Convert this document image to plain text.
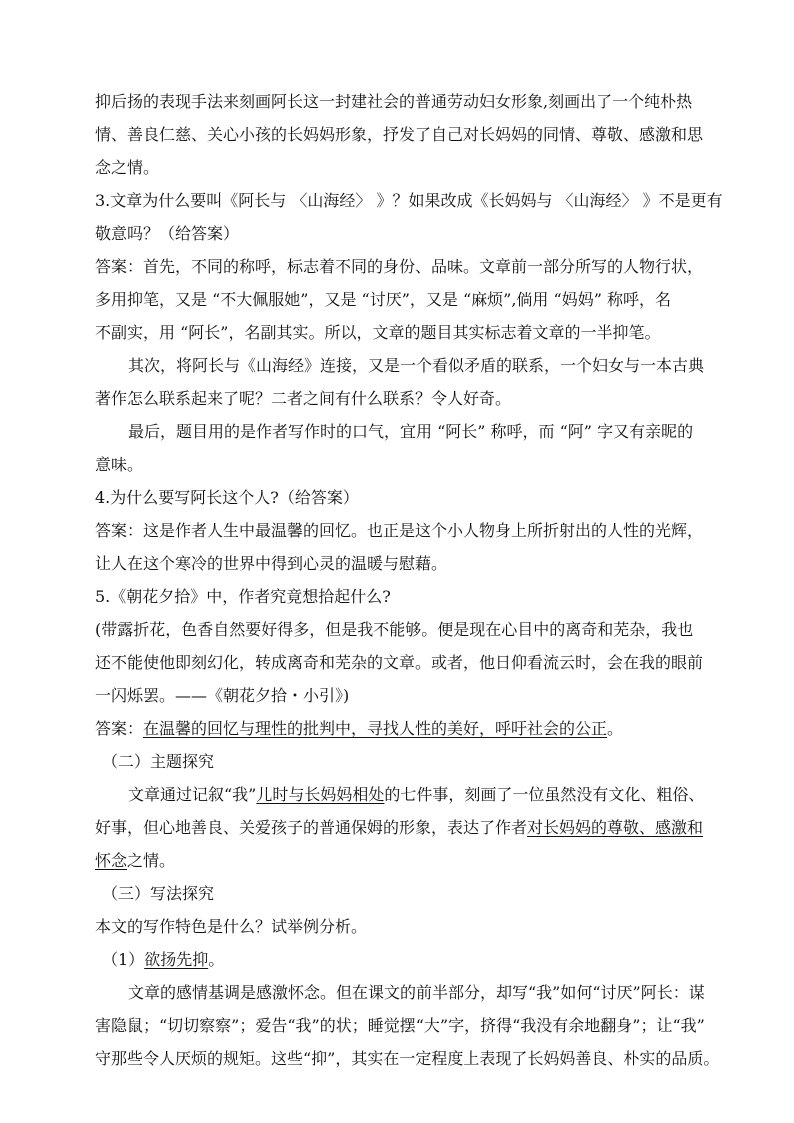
抑后扬的表现手法来刻画阿长这一封建社会的普通劳动妇女形象,刻画出了一个纯朴热
情、善良仁慈、关心小孩的长妈妈形象，抒发了自己对长妈妈的同情、尊敬、感激和思
念之情。
3.文章为什么要叫《阿长与 〈山海经〉 》？如果改成《长妈妈与 〈山海经〉 》不是更有
敬意吗？（给答案）
答案：首先，不同的称呼，标志着不同的身份、品味。文章前一部分所写的人物行状，
多用抑笔，又是 “不大佩服她”，又是 “讨厌”，又是 “麻烦”,倘用 “妈妈” 称呼，名
不副实，用 “阿长”，名副其实。所以，文章的题目其实标志着文章的一半抑笔。
其次，将阿长与《山海经》连接，又是一个看似矛盾的联系，一个妇女与一本古典
著作怎么联系起来了呢？二者之间有什么联系？令人好奇。
最后，题目用的是作者写作时的口气，宜用 “阿长” 称呼，而 “阿” 字又有亲昵的
意味。
4.为什么要写阿长这个人?（给答案）
答案：这是作者人生中最温馨的回忆。也正是这个小人物身上所折射出的人性的光辉，
让人在这个寒冷的世界中得到心灵的温暖与慰藉。
5.《朝花夕拾》中，作者究竟想拾起什么?
(带露折花，色香自然要好得多，但是我不能够。便是现在心目中的离奇和芜杂，我也
还不能使他即刻幻化，转成离奇和芜杂的文章。或者，他日仰看流云时，会在我的眼前
一闪烁罢。——《朝花夕拾・小引》)
答案：在温馨的回忆与理性的批判中，寻找人性的美好，呼吁社会的公正。
（二）主题探究
文章通过记叙“我”儿时与长妈妈相处的七件事，刻画了一位虽然没有文化、粗俗、
好事，但心地善良、关爱孩子的普通保姆的形象，表达了作者对长妈妈的尊敬、感激和
怀念之情。
（三）写法探究
本文的写作特色是什么？试举例分析。
（1）欲扬先抑。
文章的感情基调是感激怀念。但在课文的前半部分，却写“我”如何“讨厌”阿长：谋
害隐鼠；“切切察察”；爱告“我”的状；睡觉摆“大”字，挤得“我没有余地翻身”；让“我”
守那些令人厌烦的规矩。这些“抑”，其实在一定程度上表现了长妈妈善良、朴实的品质。
